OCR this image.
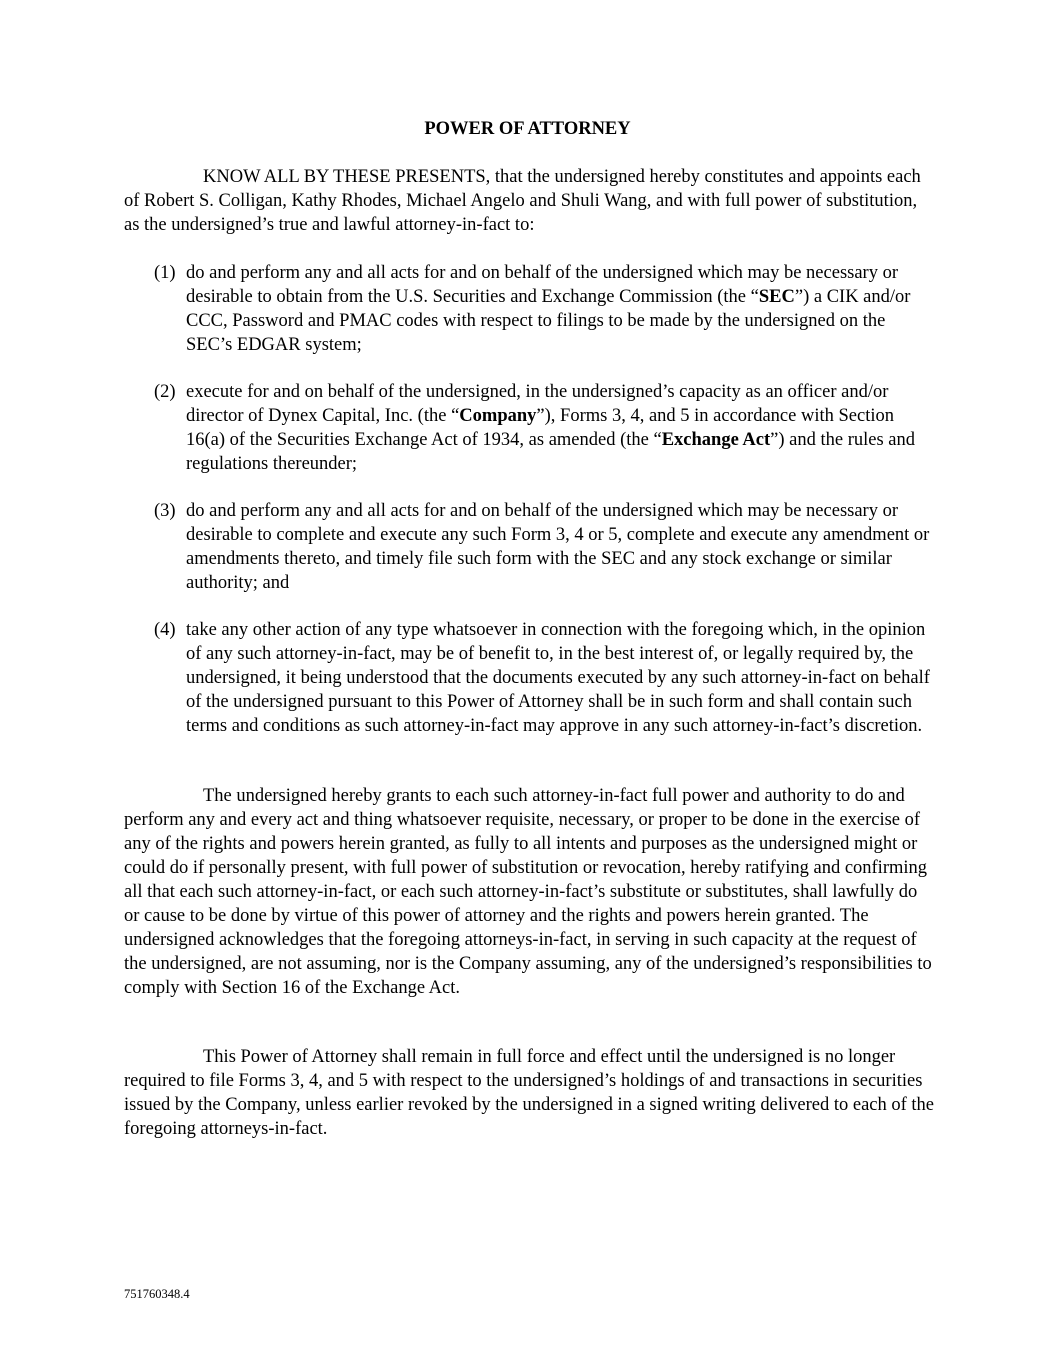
POWER OF ATTORNEY
KNOW ALL BY THESE PRESENTS, that the undersigned hereby constitutes and appoints each of Robert S. Colligan, Kathy Rhodes, Michael Angelo and Shuli Wang, and with full power of substitution, as the undersigned’s true and lawful attorney-in-fact to:
(1) do and perform any and all acts for and on behalf of the undersigned which may be necessary or desirable to obtain from the U.S. Securities and Exchange Commission (the “SEC”) a CIK and/or CCC, Password and PMAC codes with respect to filings to be made by the undersigned on the SEC’s EDGAR system;
(2) execute for and on behalf of the undersigned, in the undersigned’s capacity as an officer and/or director of Dynex Capital, Inc. (the “Company”), Forms 3, 4, and 5 in accordance with Section 16(a) of the Securities Exchange Act of 1934, as amended (the “Exchange Act”) and the rules and regulations thereunder;
(3) do and perform any and all acts for and on behalf of the undersigned which may be necessary or desirable to complete and execute any such Form 3, 4 or 5, complete and execute any amendment or amendments thereto, and timely file such form with the SEC and any stock exchange or similar authority; and
(4) take any other action of any type whatsoever in connection with the foregoing which, in the opinion of any such attorney-in-fact, may be of benefit to, in the best interest of, or legally required by, the undersigned, it being understood that the documents executed by any such attorney-in-fact on behalf of the undersigned pursuant to this Power of Attorney shall be in such form and shall contain such terms and conditions as such attorney-in-fact may approve in any such attorney-in-fact’s discretion.
The undersigned hereby grants to each such attorney-in-fact full power and authority to do and perform any and every act and thing whatsoever requisite, necessary, or proper to be done in the exercise of any of the rights and powers herein granted, as fully to all intents and purposes as the undersigned might or could do if personally present, with full power of substitution or revocation, hereby ratifying and confirming all that each such attorney-in-fact, or each such attorney-in-fact’s substitute or substitutes, shall lawfully do or cause to be done by virtue of this power of attorney and the rights and powers herein granted. The undersigned acknowledges that the foregoing attorneys-in-fact, in serving in such capacity at the request of the undersigned, are not assuming, nor is the Company assuming, any of the undersigned’s responsibilities to comply with Section 16 of the Exchange Act.
This Power of Attorney shall remain in full force and effect until the undersigned is no longer required to file Forms 3, 4, and 5 with respect to the undersigned’s holdings of and transactions in securities issued by the Company, unless earlier revoked by the undersigned in a signed writing delivered to each of the foregoing attorneys-in-fact.
751760348.4
